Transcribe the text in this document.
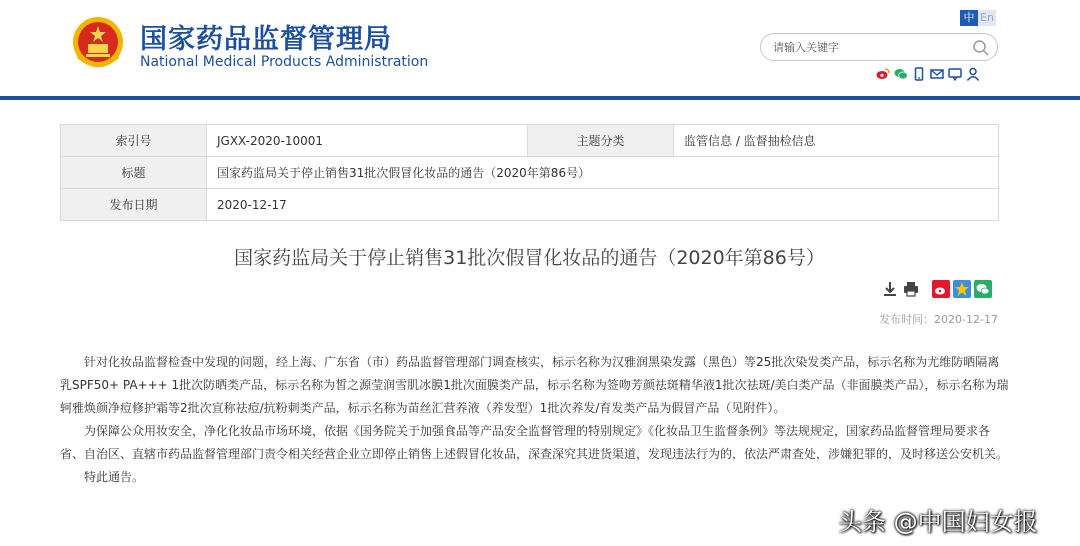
国家药品监督管理局
National Medical Products Administration
中 En
请输入关键字
索引号	JGXX-2020-10001	主题分类	监管信息 / 监督抽检信息
标题	国家药监局关于停止销售31批次假冒化妆品的通告（2020年第86号）		
发布日期	2020-12-17		
国家药监局关于停止销售31批次假冒化妆品的通告（2020年第86号）
发布时间：2020-12-17

针对化妆品监督检查中发现的问题，经上海、广东省（市）药品监督管理部门调查核实，标示名称为汉雅润黑染发露（黑色）等25批次染发类产品，标示名称为尤维防晒隔离乳SPF50+ PA+++ 1批次防晒类产品，标示名称为皙之源莹润雪肌冰膜1批次面膜类产品，标示名称为签吻芳颜祛斑精华液1批次祛斑/美白类产品（非面膜类产品），标示名称为瑞轲雅焕颜净痘修护霜等2批次宣称祛痘/抗粉刺类产品，标示名称为苗丝汇营养液（养发型）1批次养发/育发类产品为假冒产品（见附件）。

为保障公众用妆安全，净化化妆品市场环境，依据《国务院关于加强食品等产品安全监督管理的特别规定》《化妆品卫生监督条例》等法规规定，国家药品监督管理局要求各省、自治区、直辖市药品监督管理部门责令相关经营企业立即停止销售上述假冒化妆品，深查深究其进货渠道，发现违法行为的，依法严肃查处，涉嫌犯罪的，及时移送公安机关。

特此通告。

头条 @中国妇女报
